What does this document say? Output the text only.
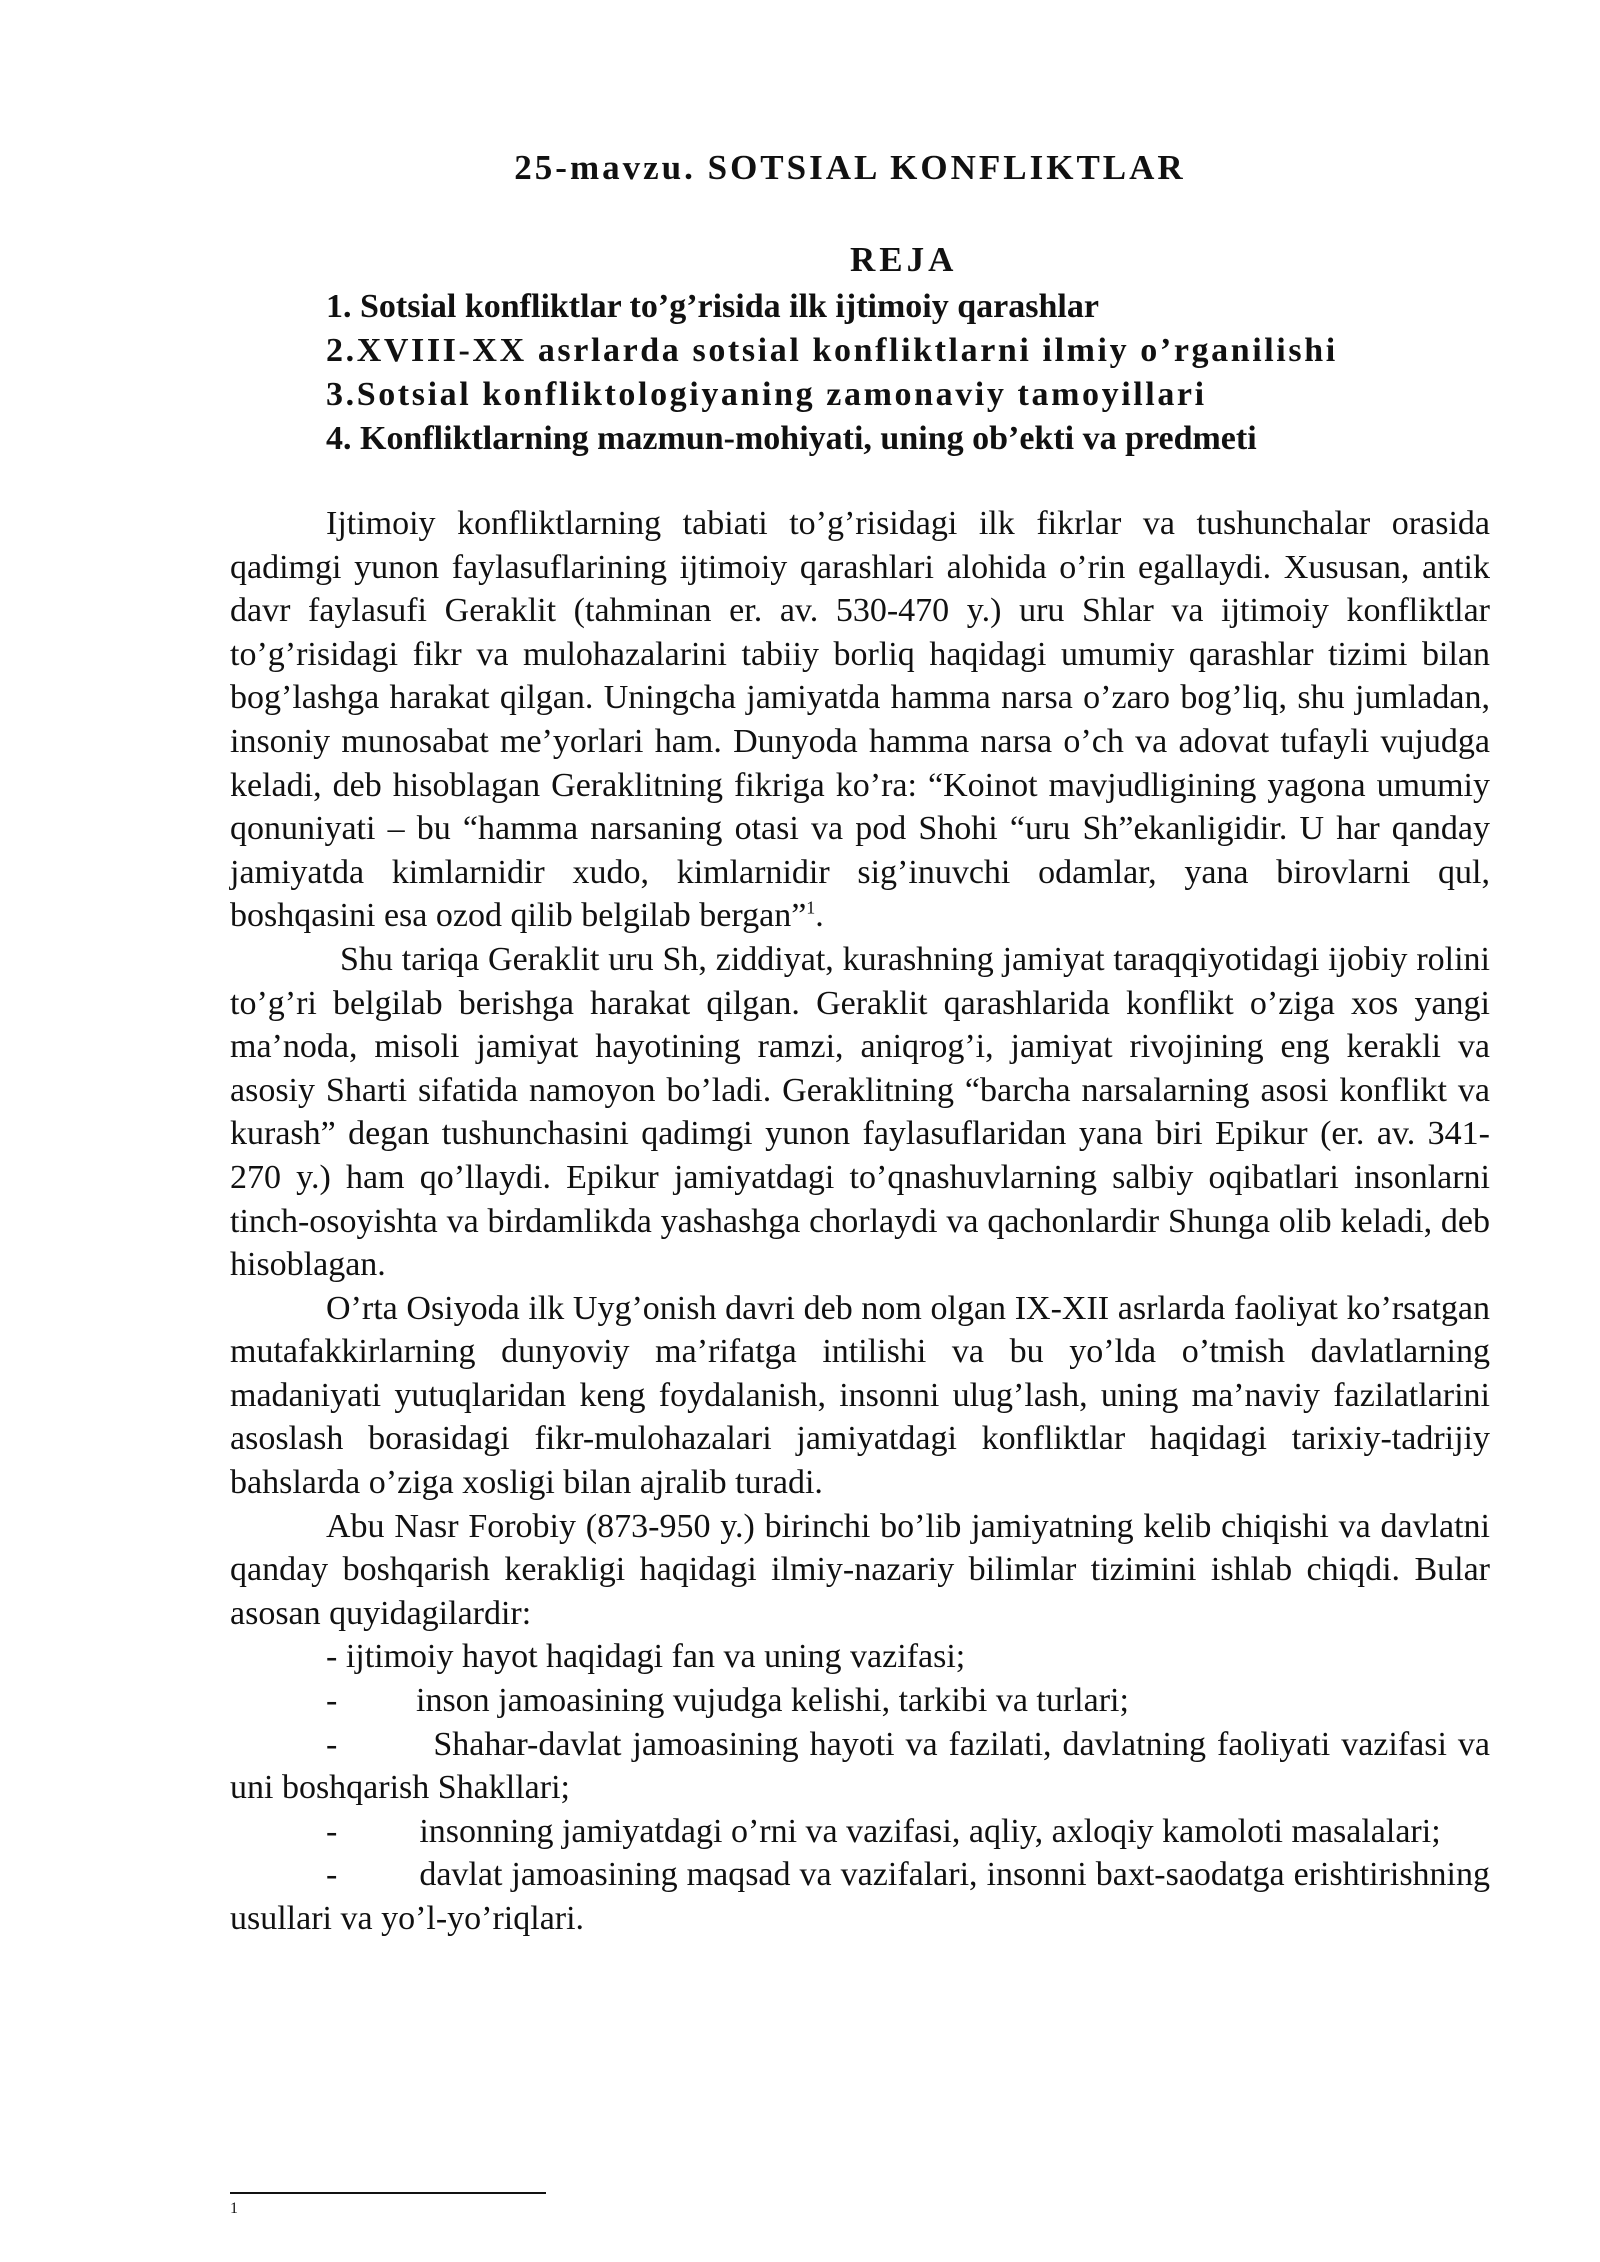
25-mavzu. SOTSIAL KONFLIKTLAR
REJA
1. Sotsial konfliktlar to’g’risida ilk ijtimoiy qarashlar
2.XVIII-XX asrlarda sotsial konfliktlarni ilmiy o’rganilishi
3.Sotsial konfliktologiyaning zamonaviy tamoyillari
4. Konfliktlarning mazmun-mohiyati, uning ob’ekti va predmeti

Ijtimoiy konfliktlarning tabiati to’g’risidagi ilk fikrlar va tushunchalar orasida qadimgi yunon faylasuflarining ijtimoiy qarashlari alohida o’rin egallaydi. Xususan, antik davr faylasufi Geraklit (tahminan er. av. 530-470 y.) uru Shlar va ijtimoiy konfliktlar to’g’risidagi fikr va mulohazalarini tabiiy borliq haqidagi umumiy qarashlar tizimi bilan bog’lashga harakat qilgan. Uningcha jamiyatda hamma narsa o’zaro bog’liq, shu jumladan, insoniy munosabat me’yorlari ham. Dunyoda hamma narsa o’ch va adovat tufayli vujudga keladi, deb hisoblagan Geraklitning fikriga ko’ra: “Koinot mavjudligining yagona umumiy qonuniyati – bu “hamma narsaning otasi va pod Shohi “uru Sh”ekanligidir. U har qanday jamiyatda kimlarnidir xudo, kimlarnidir sig’inuvchi odamlar, yana birovlarni qul, boshqasini esa ozod qilib belgilab bergan”$^1$.

Shu tariqa Geraklit uru Sh, ziddiyat, kurashning jamiyat taraqqiyotidagi ijobiy rolini to’g’ri belgilab berishga harakat qilgan. Geraklit qarashlarida konflikt o’ziga xos yangi ma’noda, misoli jamiyat hayotining ramzi, aniqrog’i, jamiyat rivojining eng kerakli va asosiy Sharti sifatida namoyon bo’ladi. Geraklitning “barcha narsalarning asosi konflikt va kurash” degan tushunchasini qadimgi yunon faylasuflaridan yana biri Epikur (er. av. 341-270 y.) ham qo’llaydi. Epikur jamiyatdagi to’qnashuvlarning salbiy oqibatlari insonlarni tinch-osoyishta va birdamlikda yashashga chorlaydi va qachonlardir Shunga olib keladi, deb hisoblagan.

O’rta Osiyoda ilk Uyg’onish davri deb nom olgan IX-XII asrlarda faoliyat ko’rsatgan mutafakkirlarning dunyoviy ma’rifatga intilishi va bu yo’lda o’tmish davlatlarning madaniyati yutuqlaridan keng foydalanish, insonni ulug’lash, uning ma’naviy fazilatlarini asoslash borasidagi fikr-mulohazalari jamiyatdagi konfliktlar haqidagi tarixiy-tadrijiy bahslarda o’ziga xosligi bilan ajralib turadi.

Abu Nasr Forobiy (873-950 y.) birinchi bo’lib jamiyatning kelib chiqishi va davlatni qanday boshqarish kerakligi haqidagi ilmiy-nazariy bilimlar tizimini ishlab chiqdi. Bular asosan quyidagilardir:

- ijtimoiy hayot haqidagi fan va uning vazifasi;

-	inson jamoasining vujudga kelishi, tarkibi va turlari;

-	Shahar-davlat jamoasining hayoti va fazilati, davlatning faoliyati vazifasi va uni boshqarish Shakllari;

- insonning jamiyatdagi o’rni va vazifasi, aqliy, axloqiy kamoloti masalalari;

- davlat jamoasining maqsad va vazifalari, insonni baxt-saodatga erishtirishning usullari va yo’l-yo’riqlari.

1
